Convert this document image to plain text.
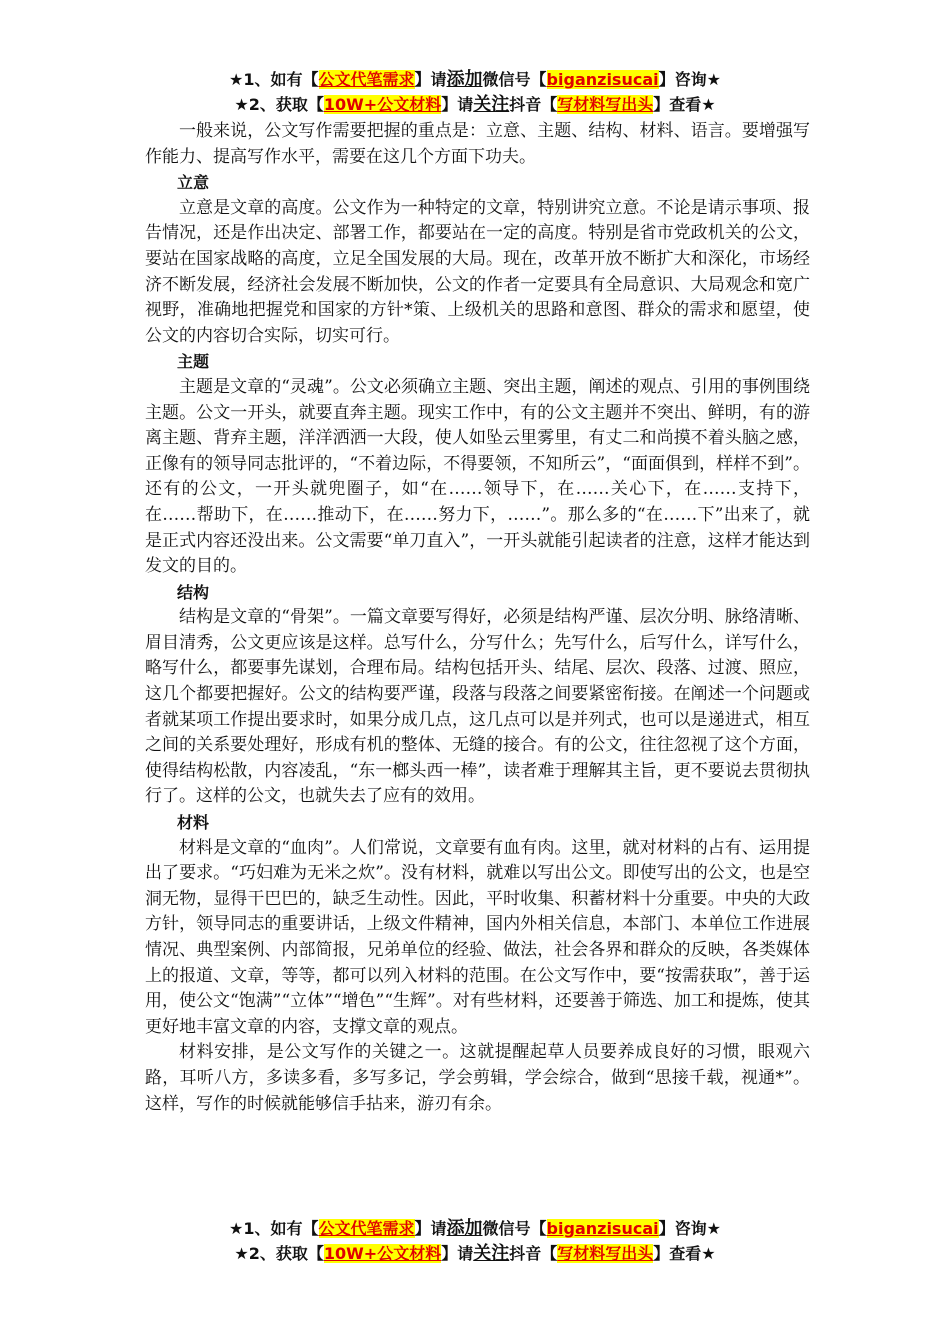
★1、如有【公文代笔需求】请添加微信号【biganzisucai】咨询★
★2、获取【10W+公文材料】请关注抖音【写材料写出头】查看★

一般来说，公文写作需要把握的重点是：立意、主题、结构、材料、语言。要增强写作能力、提高写作水平，需要在这几个方面下功夫。

立意

立意是文章的高度。公文作为一种特定的文章，特别讲究立意。不论是请示事项、报告情况，还是作出决定、部署工作，都要站在一定的高度。特别是省市党政机关的公文，要站在国家战略的高度，立足全国发展的大局。现在，改革开放不断扩大和深化，市场经济不断发展，经济社会发展不断加快，公文的作者一定要具有全局意识、大局观念和宽广视野，准确地把握党和国家的方针*策、上级机关的思路和意图、群众的需求和愿望，使公文的内容切合实际，切实可行。

主题

主题是文章的“灵魂”。公文必须确立主题、突出主题，阐述的观点、引用的事例围绕主题。公文一开头，就要直奔主题。现实工作中，有的公文主题并不突出、鲜明，有的游离主题、背弃主题，洋洋洒洒一大段，使人如坠云里雾里，有丈二和尚摸不着头脑之感，正像有的领导同志批评的，“不着边际，不得要领，不知所云”，“面面俱到，样样不到”。还有的公文，一开头就兜圈子，如“在……领导下，在……关心下，在……支持下，在……帮助下，在……推动下，在……努力下，……”。那么多的“在……下”出来了，就是正式内容还没出来。公文需要“单刀直入”，一开头就能引起读者的注意，这样才能达到发文的目的。

结构

结构是文章的“骨架”。一篇文章要写得好，必须是结构严谨、层次分明、脉络清晰、眉目清秀，公文更应该是这样。总写什么，分写什么；先写什么，后写什么，详写什么，略写什么，都要事先谋划，合理布局。结构包括开头、结尾、层次、段落、过渡、照应，这几个都要把握好。公文的结构要严谨，段落与段落之间要紧密衔接。在阐述一个问题或者就某项工作提出要求时，如果分成几点，这几点可以是并列式，也可以是递进式，相互之间的关系要处理好，形成有机的整体、无缝的接合。有的公文，往往忽视了这个方面，使得结构松散，内容凌乱，“东一榔头西一棒”，读者难于理解其主旨，更不要说去贯彻执行了。这样的公文，也就失去了应有的效用。

材料

材料是文章的“血肉”。人们常说，文章要有血有肉。这里，就对材料的占有、运用提出了要求。“巧妇难为无米之炊”。没有材料，就难以写出公文。即使写出的公文，也是空洞无物，显得干巴巴的，缺乏生动性。因此，平时收集、积蓄材料十分重要。中央的大政方针，领导同志的重要讲话，上级文件精神，国内外相关信息，本部门、本单位工作进展情况、典型案例、内部简报，兄弟单位的经验、做法，社会各界和群众的反映，各类媒体上的报道、文章，等等，都可以列入材料的范围。在公文写作中，要“按需获取”，善于运用，使公文“饱满”“立体”“增色”“生辉”。对有些材料，还要善于筛选、加工和提炼，使其更好地丰富文章的内容，支撑文章的观点。

材料安排，是公文写作的关键之一。这就提醒起草人员要养成良好的习惯，眼观六路，耳听八方，多读多看，多写多记，学会剪辑，学会综合，做到“思接千载，视通*”。这样，写作的时候就能够信手拈来，游刃有余。

★1、如有【公文代笔需求】请添加微信号【biganzisucai】咨询★
★2、获取【10W+公文材料】请关注抖音【写材料写出头】查看★
